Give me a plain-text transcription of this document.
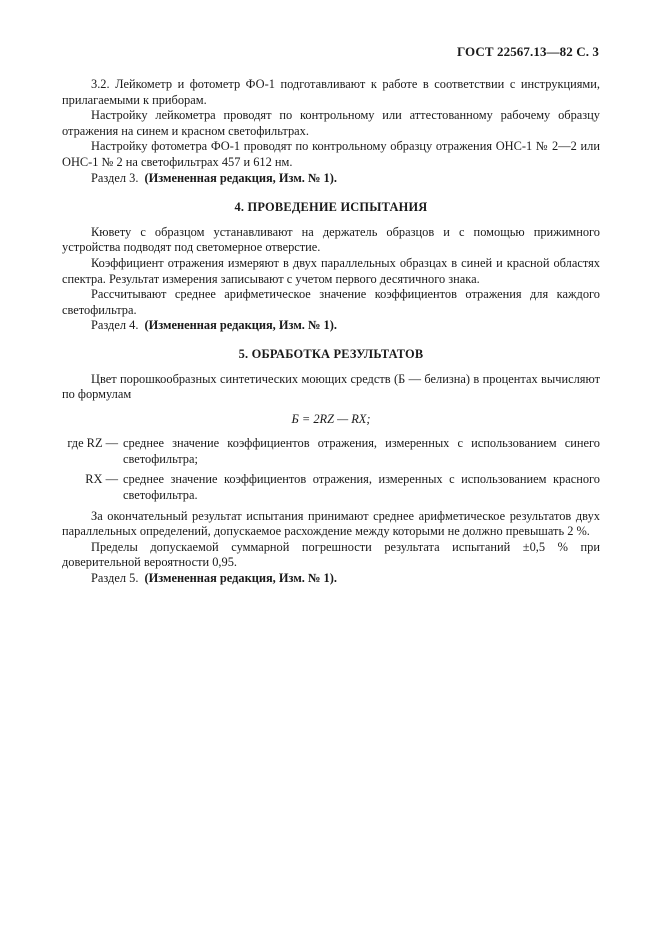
ГОСТ 22567.13—82 С. 3

3.2. Лейкометр и фотометр ФО-1 подготавливают к работе в соответствии с инструкциями, прилагаемыми к приборам.

Настройку лейкометра проводят по контрольному или аттестованному рабочему образцу отражения на синем и красном светофильтрах.

Настройку фотометра ФО-1 проводят по контрольному образцу отражения ОНС-1 № 2—2 или ОНС-1 № 2 на светофильтрах 457 и 612 нм.

Раздел 3. (Измененная редакция, Изм. № 1).

4. ПРОВЕДЕНИЕ ИСПЫТАНИЯ

Кювету с образцом устанавливают на держатель образцов и с помощью прижимного устройства подводят под светомерное отверстие.

Коэффициент отражения измеряют в двух параллельных образцах в синей и красной областях спектра. Результат измерения записывают с учетом первого десятичного знака.

Рассчитывают среднее арифметическое значение коэффициентов отражения для каждого светофильтра.

Раздел 4. (Измененная редакция, Изм. № 1).

5. ОБРАБОТКА РЕЗУЛЬТАТОВ

Цвет порошкообразных синтетических моющих средств (Б — белизна) в процентах вычисляют по формулам

Б = 2RZ — RX;
где RZ — среднее значение коэффициентов отражения, измеренных с использованием синего светофильтра;
RX — среднее значение коэффициентов отражения, измеренных с использованием красного светофильтра.

За окончательный результат испытания принимают среднее арифметическое результатов двух параллельных определений, допускаемое расхождение между которыми не должно превышать 2 %.

Пределы допускаемой суммарной погрешности результата испытаний ±0,5 % при доверительной вероятности 0,95.

Раздел 5. (Измененная редакция, Изм. № 1).
